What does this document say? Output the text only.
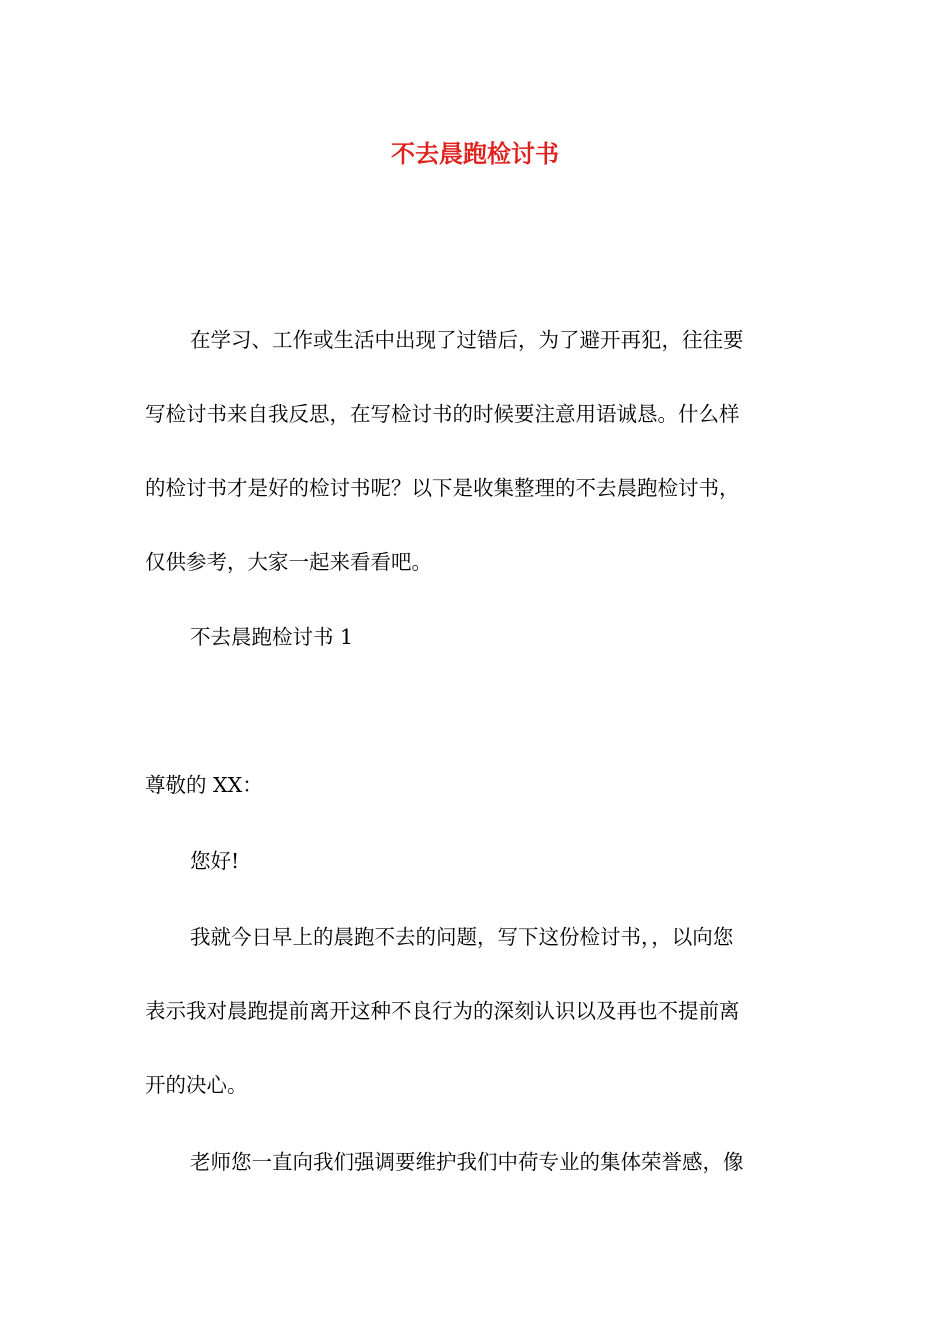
不去晨跑检讨书
在学习、工作或生活中出现了过错后，为了避开再犯，往往要
写检讨书来自我反思，在写检讨书的时候要注意用语诚恳。什么样
的检讨书才是好的检讨书呢？以下是收集整理的不去晨跑检讨书，
仅供参考，大家一起来看看吧。
不去晨跑检讨书 1
尊敬的 XX：
您好!
我就今日早上的晨跑不去的问题，写下这份检讨书，，以向您
表示我对晨跑提前离开这种不良行为的深刻认识以及再也不提前离
开的决心。
老师您一直向我们强调要维护我们中荷专业的集体荣誉感，像
